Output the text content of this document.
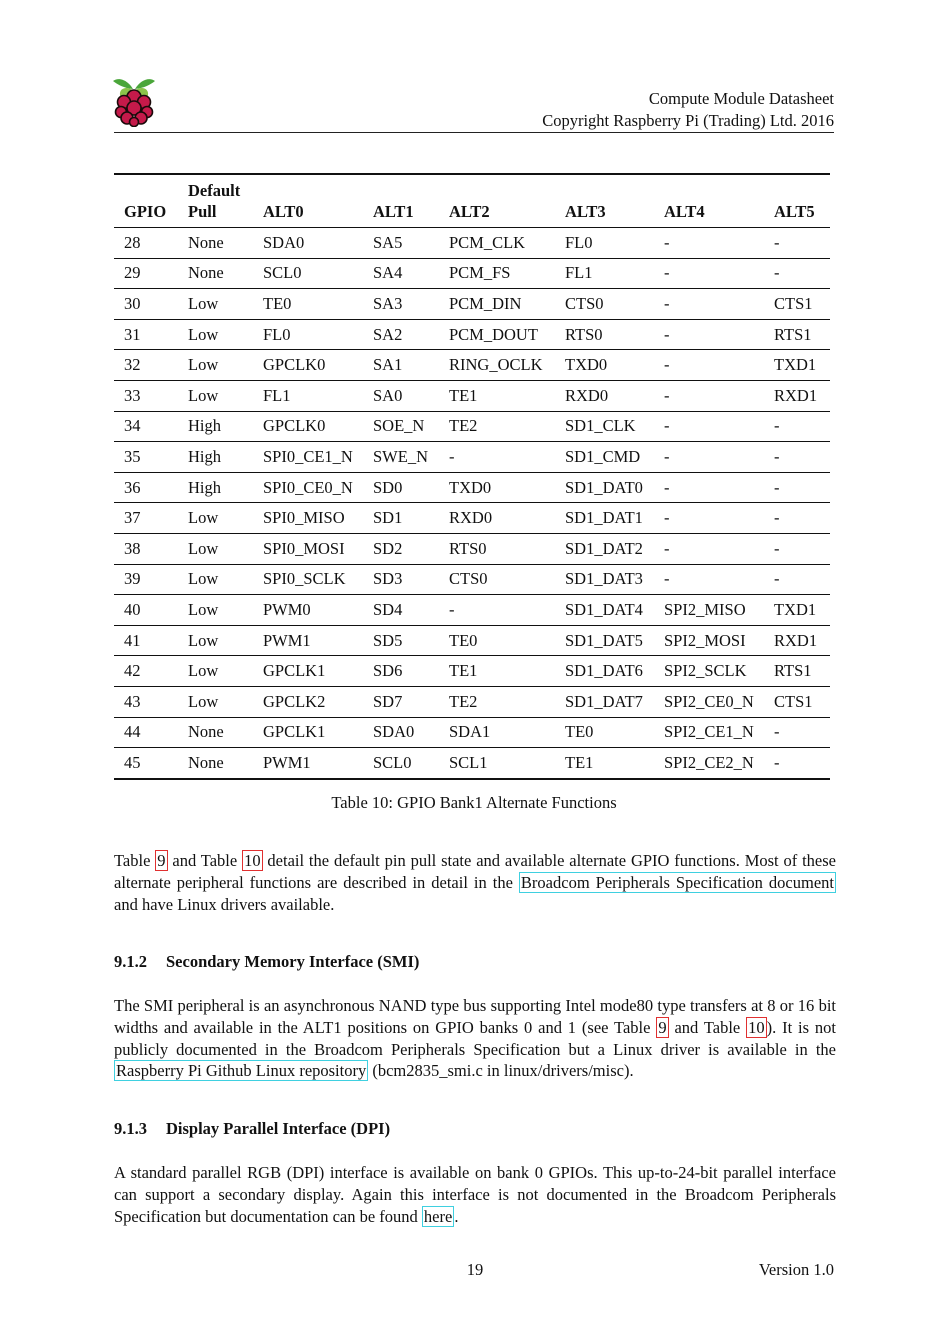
Compute Module Datasheet
Copyright Raspberry Pi (Trading) Ltd. 2016
GPIO	Default Pull	ALT0	ALT1	ALT2	ALT3	ALT4	ALT5
28	None	SDA0	SA5	PCM_CLK	FL0	-	-
29	None	SCL0	SA4	PCM_FS	FL1	-	-
30	Low	TE0	SA3	PCM_DIN	CTS0	-	CTS1
31	Low	FL0	SA2	PCM_DOUT	RTS0	-	RTS1
32	Low	GPCLK0	SA1	RING_OCLK	TXD0	-	TXD1
33	Low	FL1	SA0	TE1	RXD0	-	RXD1
34	High	GPCLK0	SOE_N	TE2	SD1_CLK	-	-
35	High	SPI0_CE1_N	SWE_N	-	SD1_CMD	-	-
36	High	SPI0_CE0_N	SD0	TXD0	SD1_DAT0	-	-
37	Low	SPI0_MISO	SD1	RXD0	SD1_DAT1	-	-
38	Low	SPI0_MOSI	SD2	RTS0	SD1_DAT2	-	-
39	Low	SPI0_SCLK	SD3	CTS0	SD1_DAT3	-	-
40	Low	PWM0	SD4	-	SD1_DAT4	SPI2_MISO	TXD1
41	Low	PWM1	SD5	TE0	SD1_DAT5	SPI2_MOSI	RXD1
42	Low	GPCLK1	SD6	TE1	SD1_DAT6	SPI2_SCLK	RTS1
43	Low	GPCLK2	SD7	TE2	SD1_DAT7	SPI2_CE0_N	CTS1
44	None	GPCLK1	SDA0	SDA1	TE0	SPI2_CE1_N	-
45	None	PWM1	SCL0	SCL1	TE1	SPI2_CE2_N	-
Table 10: GPIO Bank1 Alternate Functions
Table 9 and Table 10 detail the default pin pull state and available alternate GPIO functions. Most of these alternate peripheral functions are described in detail in the Broadcom Peripherals Specification document and have Linux drivers available.
9.1.2 Secondary Memory Interface (SMI)
The SMI peripheral is an asynchronous NAND type bus supporting Intel mode80 type transfers at 8 or 16 bit widths and available in the ALT1 positions on GPIO banks 0 and 1 (see Table 9 and Table 10 ). It is not publicly documented in the Broadcom Peripherals Specification but a Linux driver is available in the Raspberry Pi Github Linux repository (bcm2835_smi.c in linux/drivers/misc).
9.1.3 Display Parallel Interface (DPI)
A standard parallel RGB (DPI) interface is available on bank 0 GPIOs. This up-to-24-bit parallel interface can support a secondary display. Again this interface is not documented in the Broadcom Peripherals Specification but documentation can be found here .
19	Version 1.0
